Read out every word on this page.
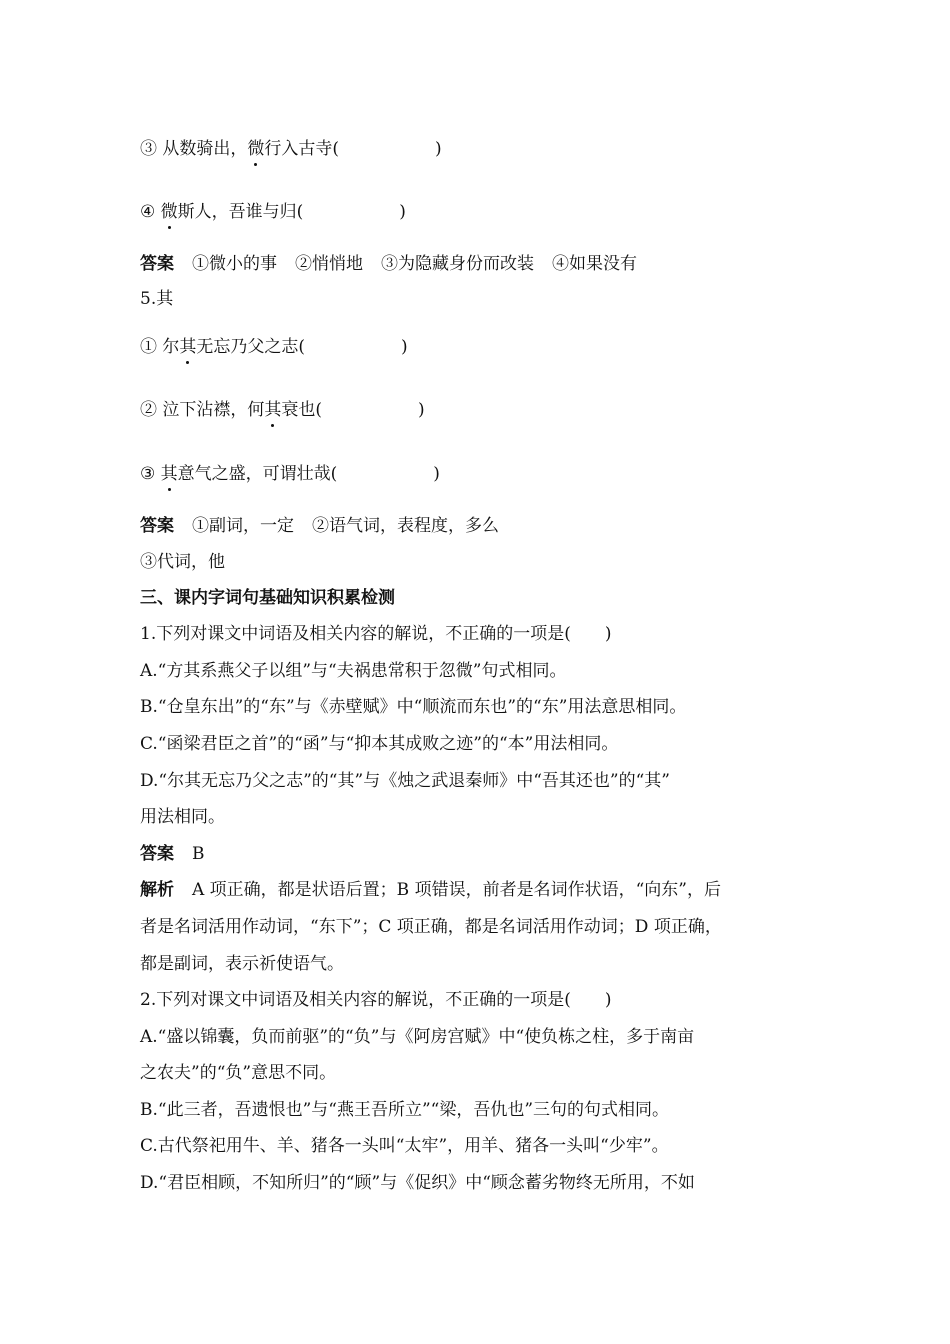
③ 从数骑出，微行入古寺(	)
④ 微斯人，吾谁与归(	)
答案 ①微小的事 ②悄悄地 ③为隐藏身份而改装 ④如果没有
5.其
① 尔其无忘乃父之志(	)
② 泣下沾襟，何其衰也(	)
③ 其意气之盛，可谓壮哉(	)
答案 ①副词，一定 ②语气词，表程度，多么
③代词，他
三、课内字词句基础知识积累检测
1.下列对课文中词语及相关内容的解说，不正确的一项是(　　)
A.“方其系燕父子以组”与“夫祸患常积于忽微”句式相同。
B.“仓皇东出”的“东”与《赤壁赋》中“顺流而东也”的“东”用法意思相同。
C.“函梁君臣之首”的“函”与“抑本其成败之迹”的“本”用法相同。
D.“尔其无忘乃父之志”的“其”与《烛之武退秦师》中“吾其还也”的“其”
用法相同。
答案 B
解析 A 项正确，都是状语后置；B 项错误，前者是名词作状语，“向东”，后
者是名词活用作动词，“东下”；C 项正确，都是名词活用作动词；D 项正确，
都是副词，表示祈使语气。
2.下列对课文中词语及相关内容的解说，不正确的一项是(　　)
A.“盛以锦囊，负而前驱”的“负”与《阿房宫赋》中“使负栋之柱，多于南亩
之农夫”的“负”意思不同。
B.“此三者，吾遗恨也”与“燕王吾所立”“梁，吾仇也”三句的句式相同。
C.古代祭祀用牛、羊、猪各一头叫“太牢”，用羊、猪各一头叫“少牢”。
D.“君臣相顾，不知所归”的“顾”与《促织》中“顾念蓄劣物终无所用，不如
